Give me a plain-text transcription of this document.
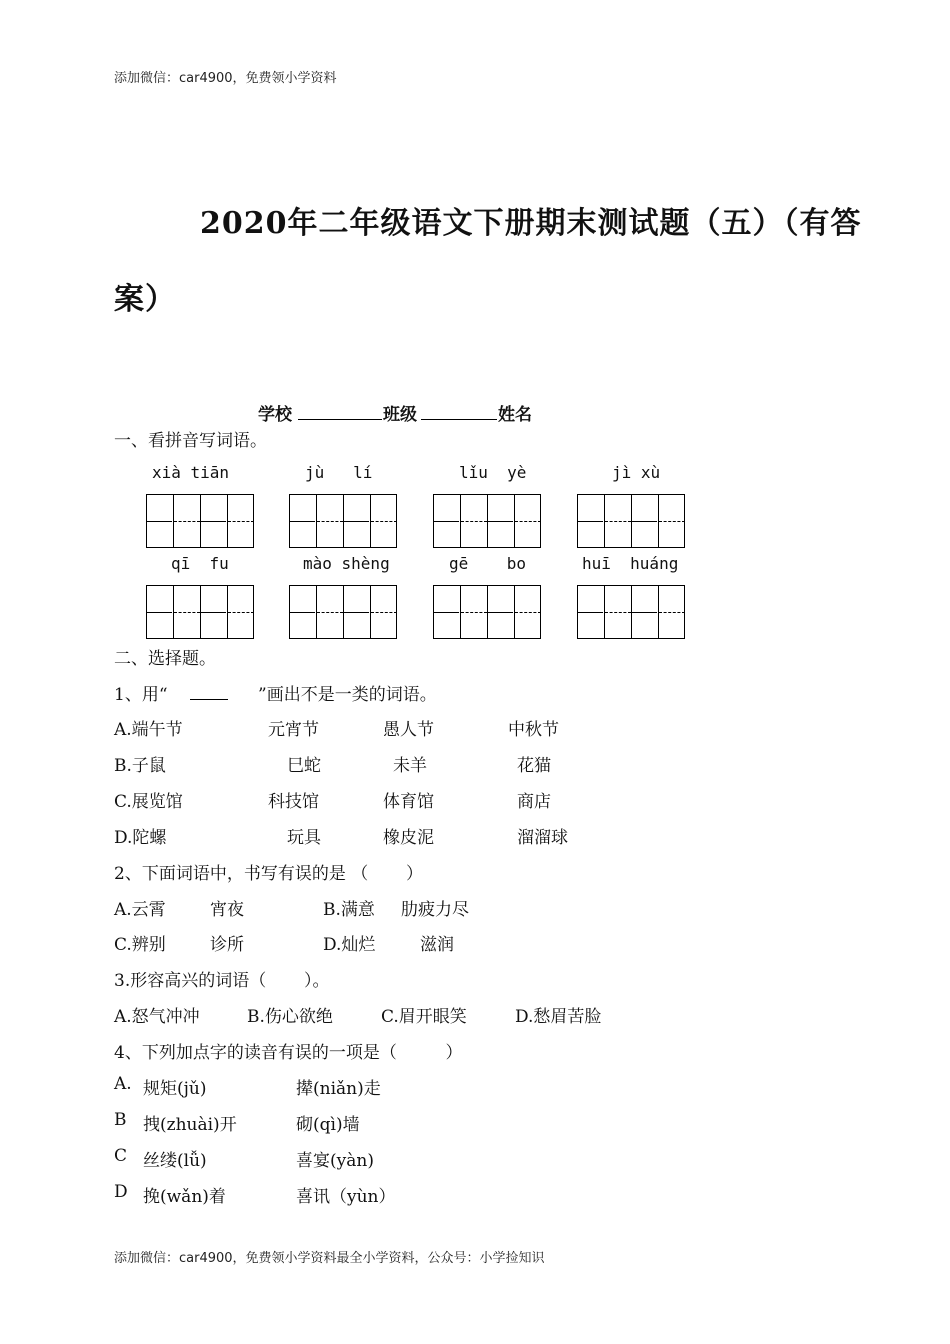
添加微信：car4900，免费领小学资料
2020年二年级语文下册期末测试题（五）（有答
案）
学校	班级	姓名
一、看拼音写词语。
xià tiān	jù   lí	lǐu  yè	jì xù
qī  fu	mào shèng	gē    bo	huī  huáng
二、选择题。
1、用“	”画出不是一类的词语。
A.端午节	元宵节	愚人节	中秋节
B.子鼠	巳蛇	未羊	花猫
C.展览馆	科技馆	体育馆	商店
D.陀螺	玩具	橡皮泥	溜溜球
2、下面词语中，书写有误的是 （       ）
A.云霄	宵夜	B.满意 肋疲力尽
C.辨别	诊所	D.灿烂	滋润
3.形容高兴的词语（       ）。
A.怒气冲冲	B.伤心欲绝	C.眉开眼笑	D.愁眉苦脸
4、下列加点字的读音有误的一项是（         ）
A. 规矩(jǔ)	撵(niǎn)走
B 拽(zhuài)开	砌(qì)墙
C 丝缕(lǚ)	喜宴(yàn)
D 挽(wǎn)着	喜讯（yùn）
添加微信：car4900，免费领小学资料最全小学资料，公众号：小学捡知识
